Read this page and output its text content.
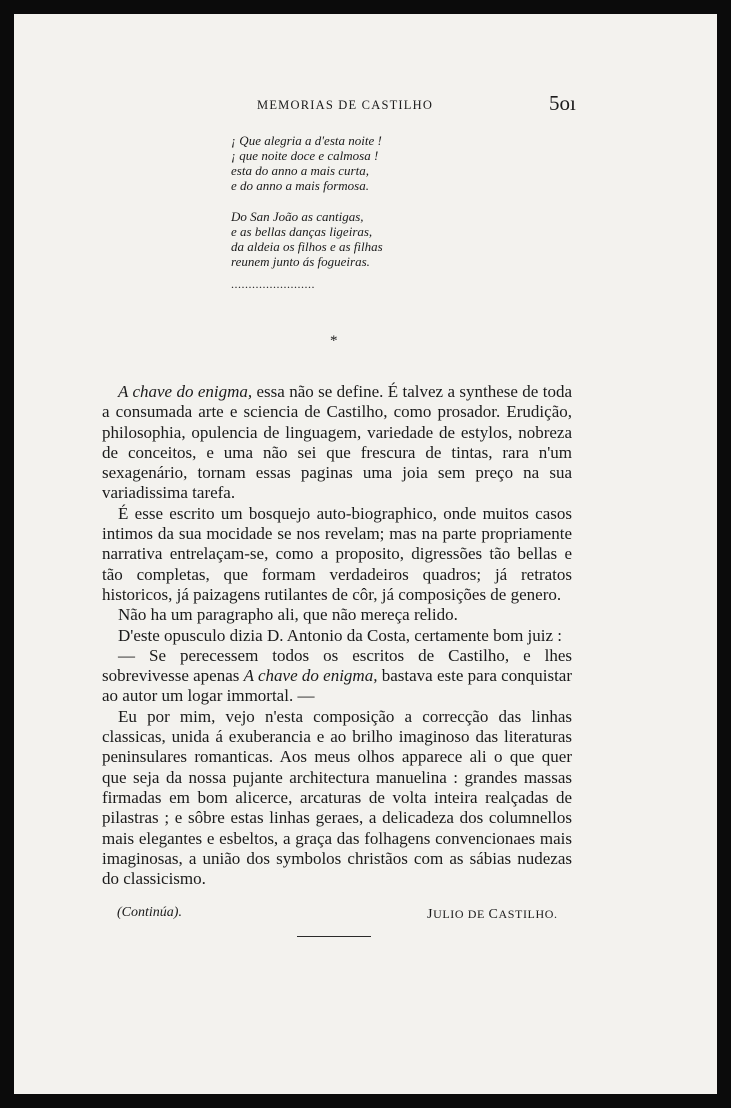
MEMORIAS DE CASTILHO	5oı
¡ Que alegria a d'esta noite !
¡ que noite doce e calmosa !
esta do anno a mais curta,
e do anno a mais formosa.
Do San João as cantigas,
e as bellas danças ligeiras,
da aldeia os filhos e as filhas
reunem junto ás fogueiras.
........................
*

A chave do enigma, essa não se define. É talvez a synthese de toda a consumada arte e sciencia de Castilho, como prosador. Erudição, philosophia, opulencia de linguagem, variedade de estylos, nobreza de conceitos, e uma não sei que frescura de tintas, rara n'um sexagenário, tornam essas paginas uma joia sem preço na sua variadissima tarefa.

É esse escrito um bosquejo auto-biographico, onde muitos casos intimos da sua mocidade se nos revelam; mas na parte propriamente narrativa entrelaçam-se, como a proposito, digressões tão bellas e tão completas, que formam verdadeiros quadros; já retratos historicos, já paizagens rutilantes de côr, já composições de genero.

Não ha um paragrapho ali, que não mereça relido.

D'este opusculo dizia D. Antonio da Costa, certamente bom juiz :

— Se perecessem todos os escritos de Castilho, e lhes sobrevivesse apenas A chave do enigma, bastava este para conquistar ao autor um logar immortal. —

Eu por mim, vejo n'esta composição a correcção das linhas classicas, unida á exuberancia e ao brilho imaginoso das literaturas peninsulares romanticas. Aos meus olhos apparece ali o que quer que seja da nossa pujante architectura manuelina : grandes massas firmadas em bom alicerce, arcaturas de volta inteira realçadas de pilastras ; e sôbre estas linhas geraes, a delicadeza dos columnellos mais elegantes e esbeltos, a graça das folhagens convencionaes mais imaginosas, a união dos symbolos christãos com as sábias nudezas do classicismo.

(Continúa).	JULIO DE CASTILHO.
